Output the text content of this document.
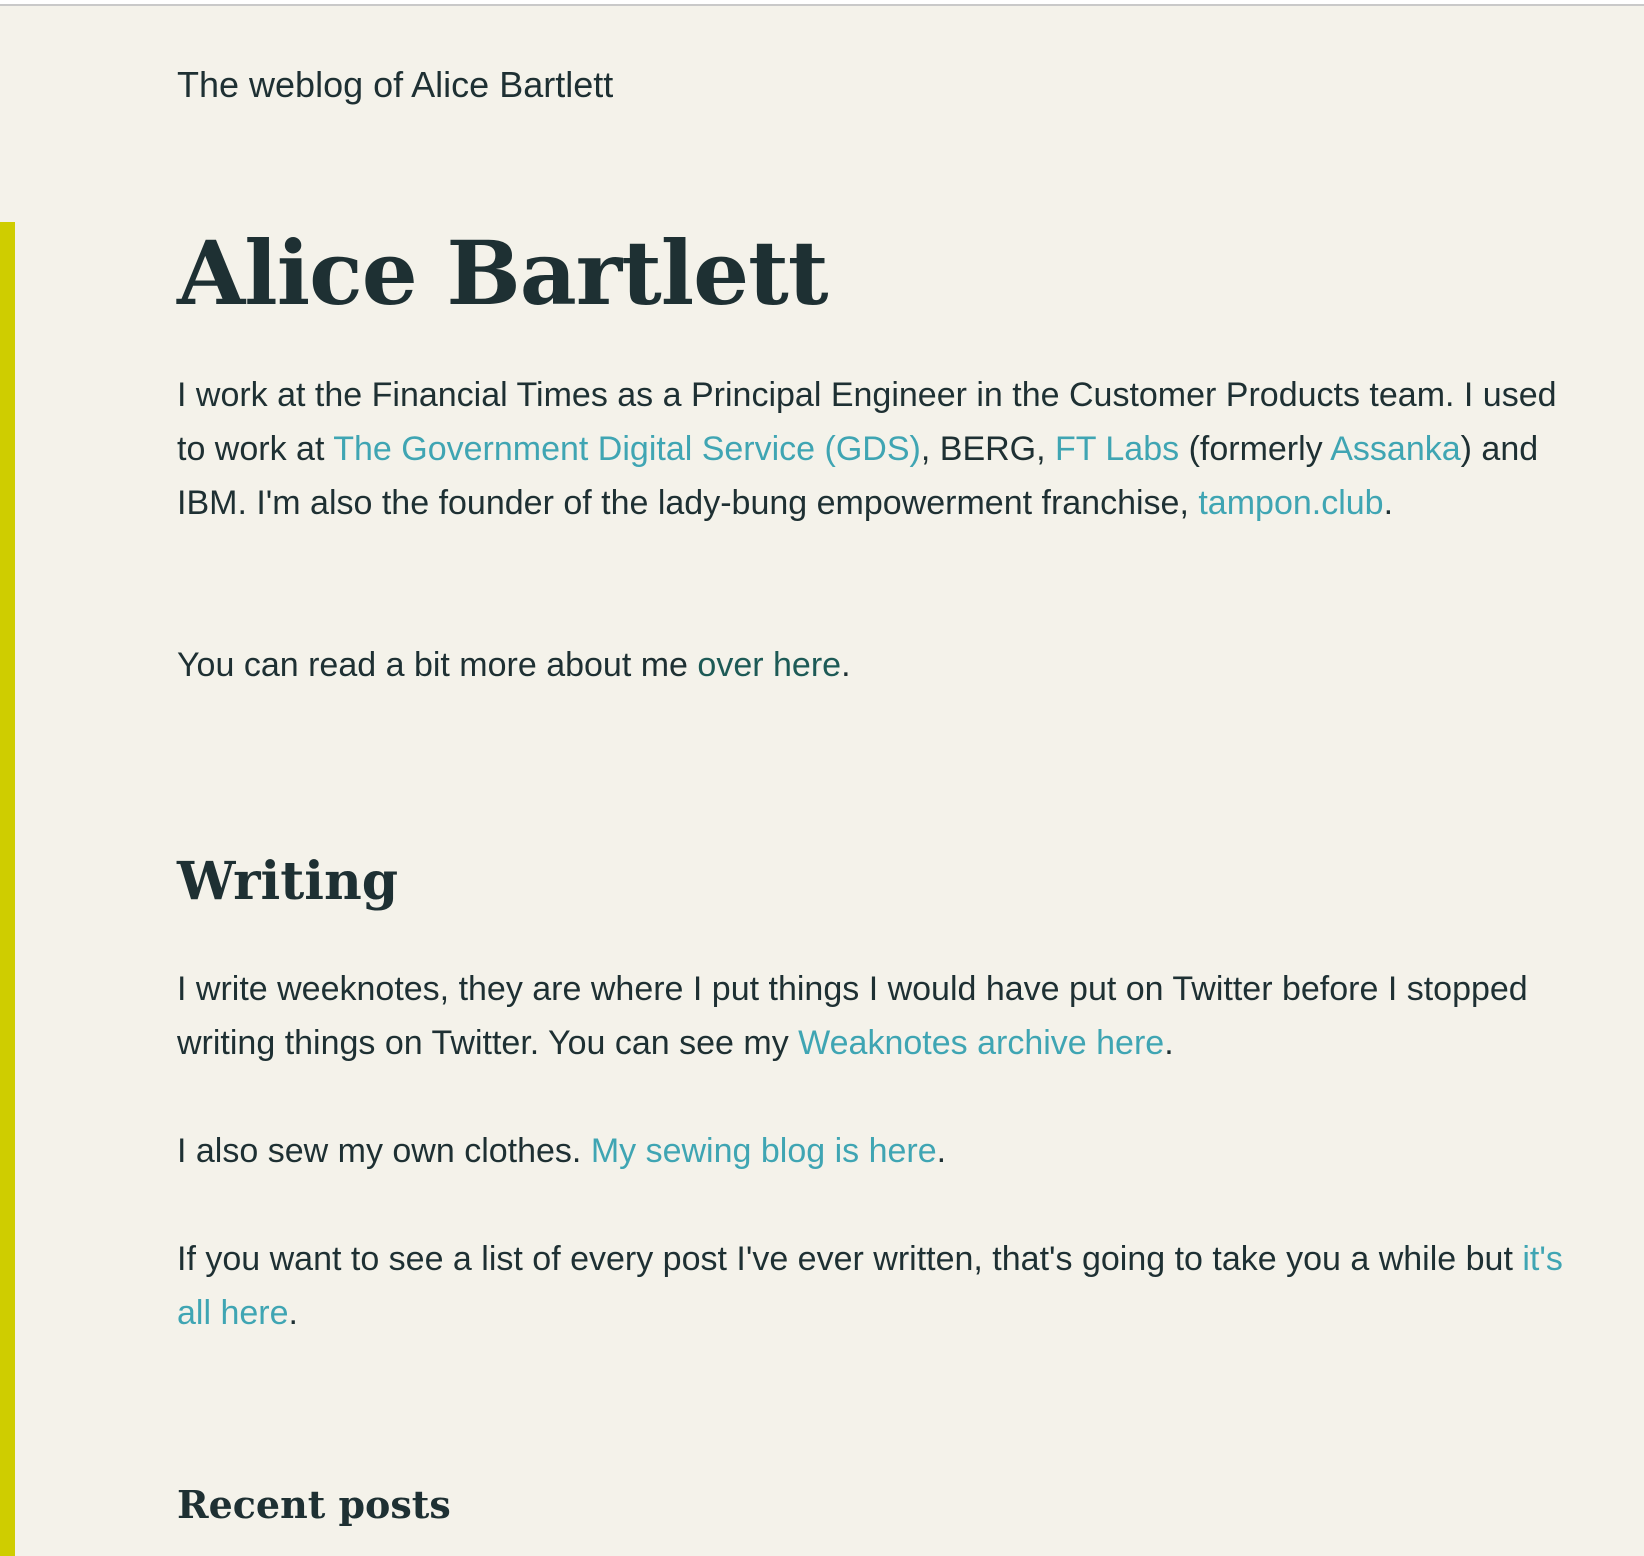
The weblog of Alice Bartlett
Alice Bartlett

I work at the Financial Times as a Principal Engineer in the Customer Products team. I used to work at The Government Digital Service (GDS), BERG, FT Labs (formerly Assanka) and IBM. I'm also the founder of the lady-bung empowerment franchise, tampon.club.

You can read a bit more about me over here.

Writing

I write weeknotes, they are where I put things I would have put on Twitter before I stopped writing things on Twitter. You can see my Weaknotes archive here.

I also sew my own clothes. My sewing blog is here.

If you want to see a list of every post I've ever written, that's going to take you a while but it's all here.

Recent posts
